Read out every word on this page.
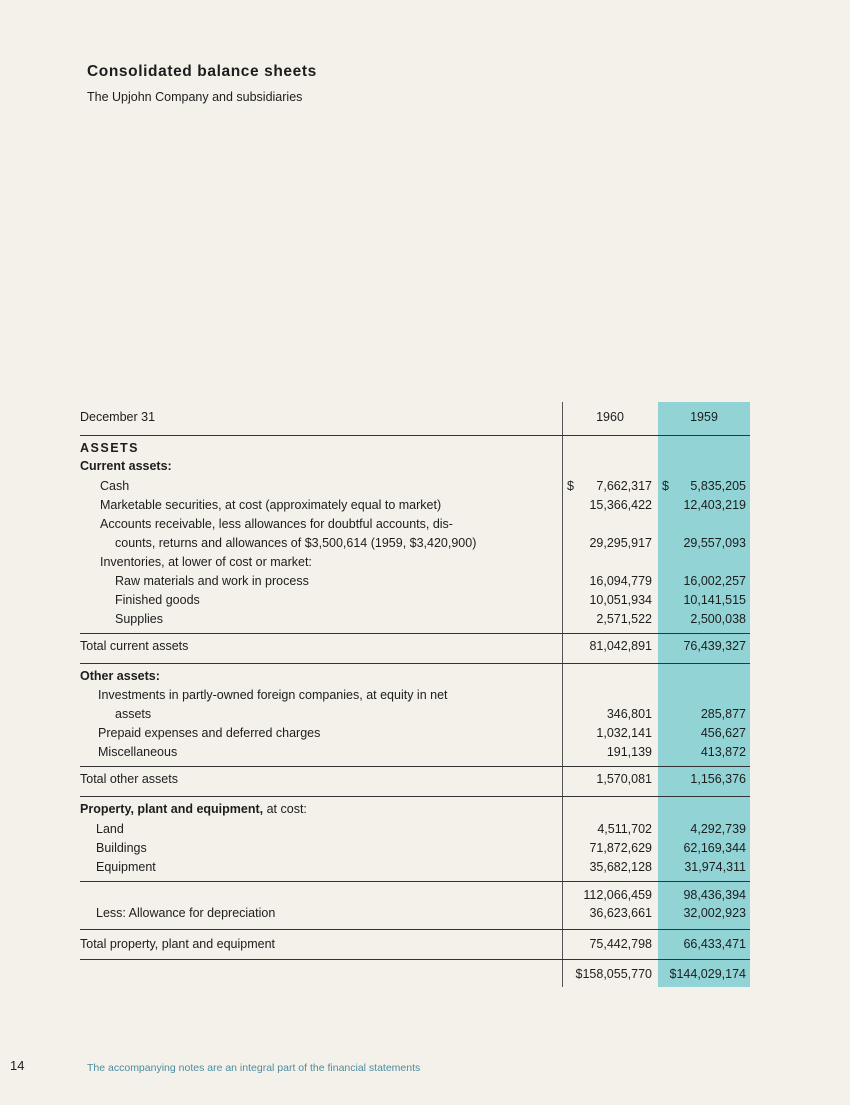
Consolidated balance sheets
The Upjohn Company and subsidiaries
December 31	1960	1959
ASSETS
Current assets:
Cash	$ 7,662,317 $ 5,835,205
Marketable securities, at cost (approximately equal to market)	15,366,422	12,403,219
Accounts receivable, less allowances for doubtful accounts, dis-
counts, returns and allowances of $3,500,614 (1959, $3,420,900)	29,295,917	29,557,093
Inventories, at lower of cost or market:
Raw materials and work in process	16,094,779	16,002,257
Finished goods	10,051,934	10,141,515
Supplies	2,571,522	2,500,038
Total current assets	81,042,891	76,439,327
Other assets:
Investments in partly-owned foreign companies, at equity in net
assets	346,801	285,877
Prepaid expenses and deferred charges	1,032,141	456,627
Miscellaneous	191,139	413,872
Total other assets	1,570,081	1,156,376
Property, plant and equipment, at cost:
Land	4,511,702	4,292,739
Buildings	71,872,629	62,169,344
Equipment	35,682,128	31,974,311
112,066,459	98,436,394
Less: Allowance for depreciation	36,623,661	32,002,923
Total property, plant and equipment	75,442,798	66,433,471
$158,055,770 $144,029,174
14	The accompanying notes are an integral part of the financial statements
